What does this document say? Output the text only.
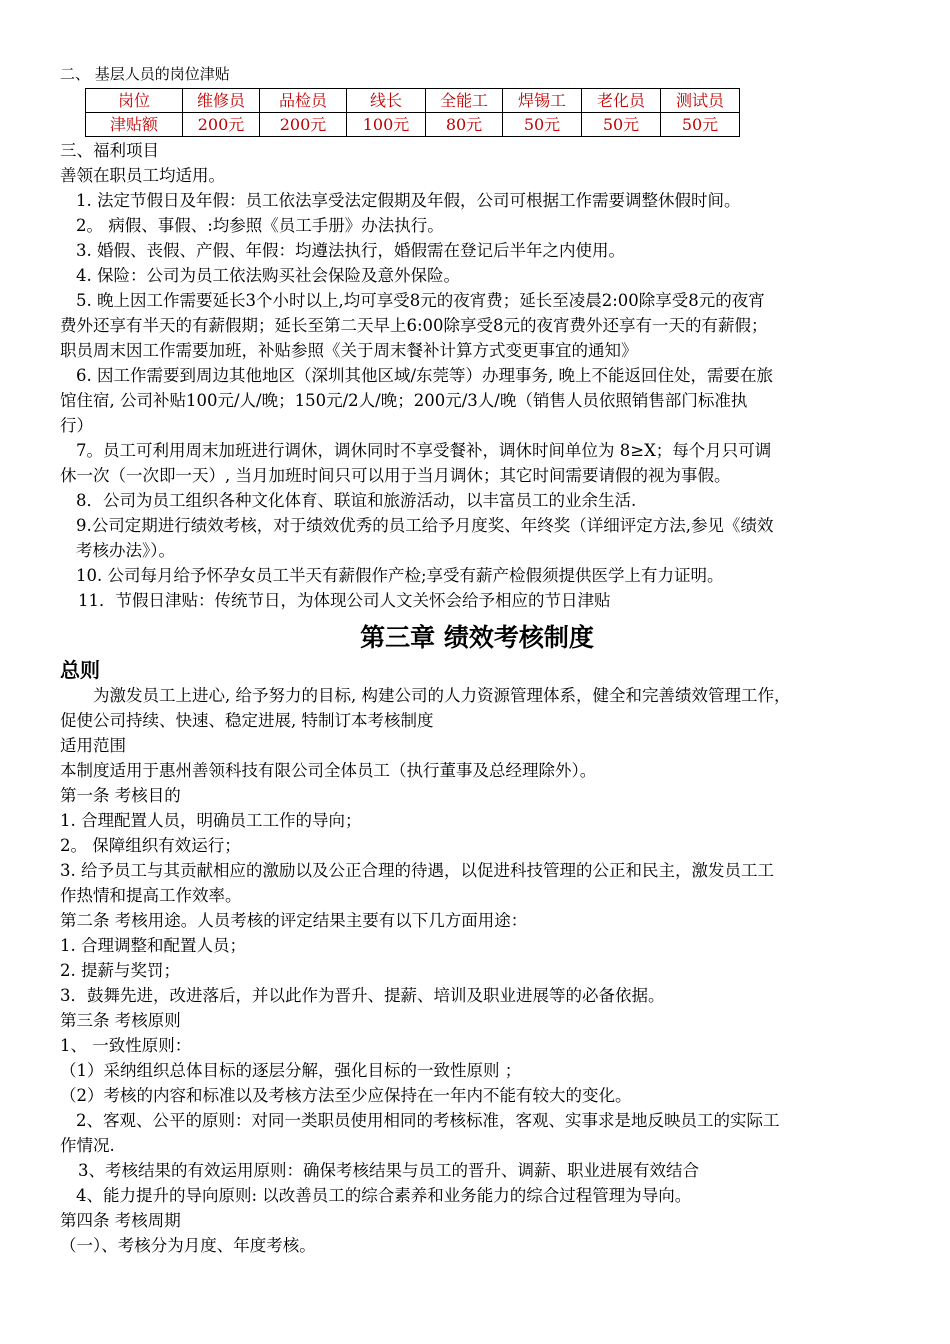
二、 基层人员的岗位津贴
岗位	维修员	品检员	线长	全能工	焊锡工	老化员	测试员
津贴额	200元	200元	100元	80元	50元	50元	50元
三、福利项目
善领在职员工均适用。
1. 法定节假日及年假：员工依法享受法定假期及年假，公司可根据工作需要调整休假时间。
2。 病假、事假、:均参照《员工手册》办法执行。
3. 婚假、丧假、产假、年假：均遵法执行，婚假需在登记后半年之内使用。
4. 保险：公司为员工依法购买社会保险及意外保险。
5. 晚上因工作需要延长3个小时以上,均可享受8元的夜宵费；延长至凌晨2:00除享受8元的夜宵
费外还享有半天的有薪假期；延长至第二天早上6:00除享受8元的夜宵费外还享有一天的有薪假；
职员周末因工作需要加班，补贴参照《关于周末餐补计算方式变更事宜的通知》
6. 因工作需要到周边其他地区（深圳其他区域/东莞等）办理事务, 晚上不能返回住处，需要在旅
馆住宿, 公司补贴100元/人/晚；150元/2人/晚；200元/3人/晚（销售人员依照销售部门标准执
行）
7。员工可利用周末加班进行调休，调休同时不享受餐补，调休时间单位为 8≥X；每个月只可调
休一次（一次即一天）, 当月加班时间只可以用于当月调休；其它时间需要请假的视为事假。
8．公司为员工组织各种文化体育、联谊和旅游活动，以丰富员工的业余生活.
9.公司定期进行绩效考核，对于绩效优秀的员工给予月度奖、年终奖（详细评定方法,参见《绩效
考核办法》）。
10. 公司每月给予怀孕女员工半天有薪假作产检;享受有薪产检假须提供医学上有力证明。
11．节假日津贴：传统节日，为体现公司人文关怀会给予相应的节日津贴
第三章 绩效考核制度
总则
为激发员工上进心, 给予努力的目标, 构建公司的人力资源管理体系，健全和完善绩效管理工作，
促使公司持续、快速、稳定进展, 特制订本考核制度
适用范围
本制度适用于惠州善领科技有限公司全体员工（执行董事及总经理除外）。
第一条 考核目的
1. 合理配置人员，明确员工工作的导向；
2。 保障组织有效运行；
3. 给予员工与其贡献相应的激励以及公正合理的待遇，以促进科技管理的公正和民主，激发员工工
作热情和提高工作效率。
第二条 考核用途。人员考核的评定结果主要有以下几方面用途：
1. 合理调整和配置人员；
2. 提薪与奖罚；
3．鼓舞先进，改进落后，并以此作为晋升、提薪、培训及职业进展等的必备依据。
第三条 考核原则
1、 一致性原则：
（1）采纳组织总体目标的逐层分解，强化目标的一致性原则 ；
（2）考核的内容和标准以及考核方法至少应保持在一年内不能有较大的变化。
2、客观、公平的原则：对同一类职员使用相同的考核标准，客观、实事求是地反映员工的实际工
作情况.
3、考核结果的有效运用原则：确保考核结果与员工的晋升、调薪、职业进展有效结合
4、能力提升的导向原则: 以改善员工的综合素养和业务能力的综合过程管理为导向。
第四条 考核周期
（一）、考核分为月度、年度考核。
